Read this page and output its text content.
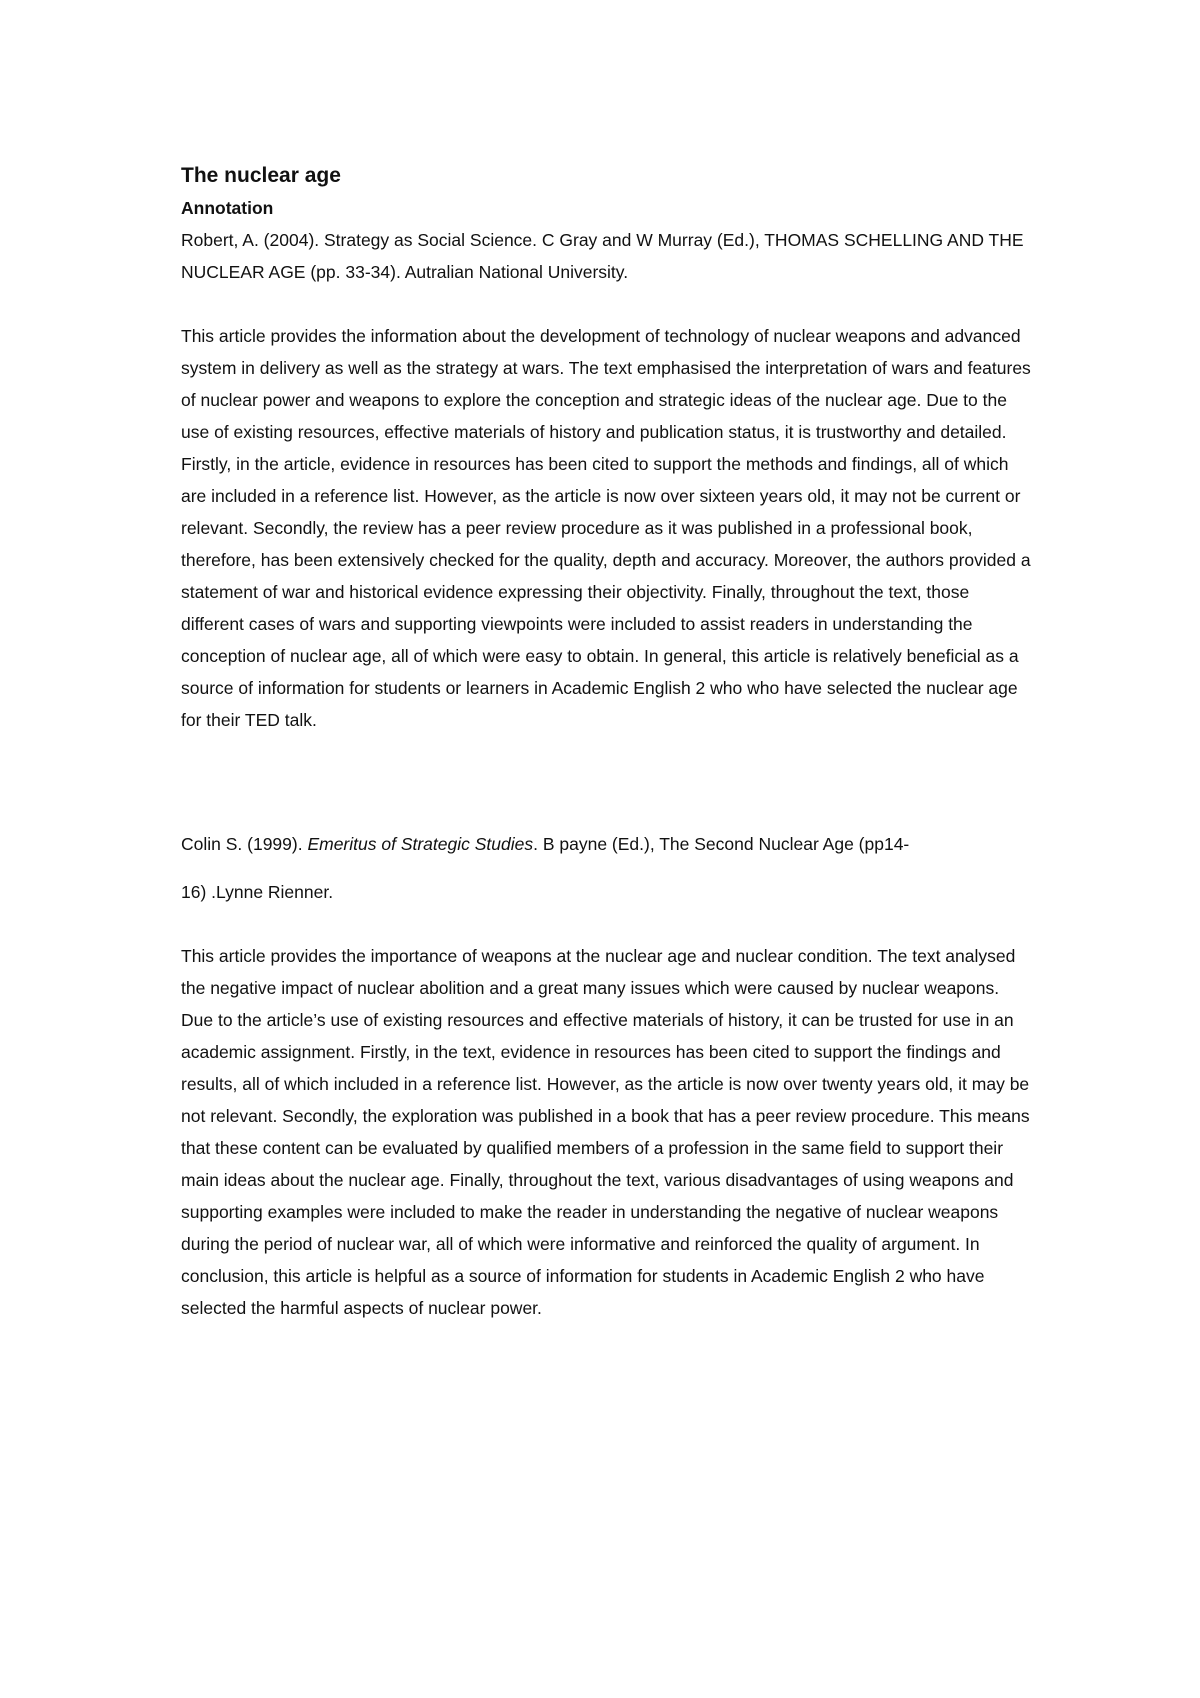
The nuclear age
Annotation

Robert, A. (2004). Strategy as Social Science. C Gray and W Murray (Ed.), THOMAS SCHELLING AND THE NUCLEAR AGE (pp. 33-34). Autralian National University.

This article provides the information about the development of technology of nuclear weapons and advanced system in delivery as well as the strategy at wars. The text emphasised the interpretation of wars and features of nuclear power and weapons to explore the conception and strategic ideas of the nuclear age. Due to the use of existing resources, effective materials of history and publication status, it is trustworthy and detailed. Firstly, in the article, evidence in resources has been cited to support the methods and findings, all of which are included in a reference list. However, as the article is now over sixteen years old, it may not be current or relevant. Secondly, the review has a peer review procedure as it was published in a professional book, therefore, has been extensively checked for the quality, depth and accuracy. Moreover, the authors provided a statement of war and historical evidence expressing their objectivity. Finally, throughout the text, those different cases of wars and supporting viewpoints were included to assist readers in understanding the conception of nuclear age, all of which were easy to obtain. In general, this article is relatively beneficial as a source of information for students or learners in Academic English 2 who who have selected the nuclear age for their TED talk.

Colin S. (1999). Emeritus of Strategic Studies. B payne (Ed.), The Second Nuclear Age (pp14-

16) .Lynne Rienner.

This article provides the importance of weapons at the nuclear age and nuclear condition. The text analysed the negative impact of nuclear abolition and a great many issues which were caused by nuclear weapons. Due to the article’s use of existing resources and effective materials of history, it can be trusted for use in an academic assignment. Firstly, in the text, evidence in resources has been cited to support the findings and results, all of which included in a reference list. However, as the article is now over twenty years old, it may be not relevant. Secondly, the exploration was published in a book that has a peer review procedure. This means that these content can be evaluated by qualified members of a profession in the same field to support their main ideas about the nuclear age. Finally, throughout the text, various disadvantages of using weapons and supporting examples were included to make the reader in understanding the negative of nuclear weapons during the period of nuclear war, all of which were informative and reinforced the quality of argument. In conclusion, this article is helpful as a source of information for students in Academic English 2 who have selected the harmful aspects of nuclear power.
